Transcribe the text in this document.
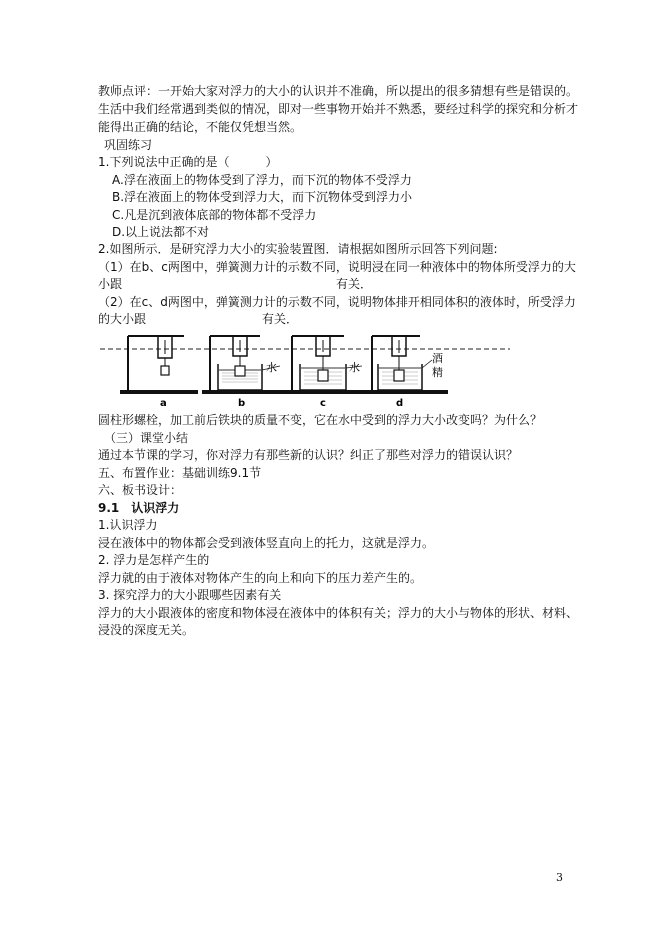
教师点评：一开始大家对浮力的大小的认识并不准确，所以提出的很多猜想有些是错误的。
生活中我们经常遇到类似的情况，即对一些事物开始并不熟悉，要经过科学的探究和分析才
能得出正确的结论，不能仅凭想当然。
巩固练习
1.下列说法中正确的是（　　　）
A.浮在液面上的物体受到了浮力，而下沉的物体不受浮力
B.浮在液面上的物体受到浮力大，而下沉物体受到浮力小
C.凡是沉到液体底部的物体都不受浮力
D.以上说法都不对
2.如图所示．是研究浮力大小的实验装置图．请根据如图所示回答下列问题:
（1）在b、c两图中，弹簧测力计的示数不同，说明浸在同一种液体中的物体所受浮力的大
小跟	有关．
（2）在c、d两图中，弹簧测力计的示数不同，说明物体排开相同体积的液体时，所受浮力
的大小跟	有关．
水	水
酒
精
a	b	c	d
圆柱形螺栓，加工前后铁块的质量不变，它在水中受到的浮力大小改变吗？为什么？
（三）课堂小结
通过本节课的学习，你对浮力有那些新的认识？纠正了那些对浮力的错误认识？
五、布置作业：基础训练9.1节
六、板书设计：
9.1　认识浮力
1.认识浮力
浸在液体中的物体都会受到液体竖直向上的托力，这就是浮力。
2. 浮力是怎样产生的
浮力就的由于液体对物体产生的向上和向下的压力差产生的。
3. 探究浮力的大小跟哪些因素有关
浮力的大小跟液体的密度和物体浸在液体中的体积有关；浮力的大小与物体的形状、材料、
浸没的深度无关。
3
